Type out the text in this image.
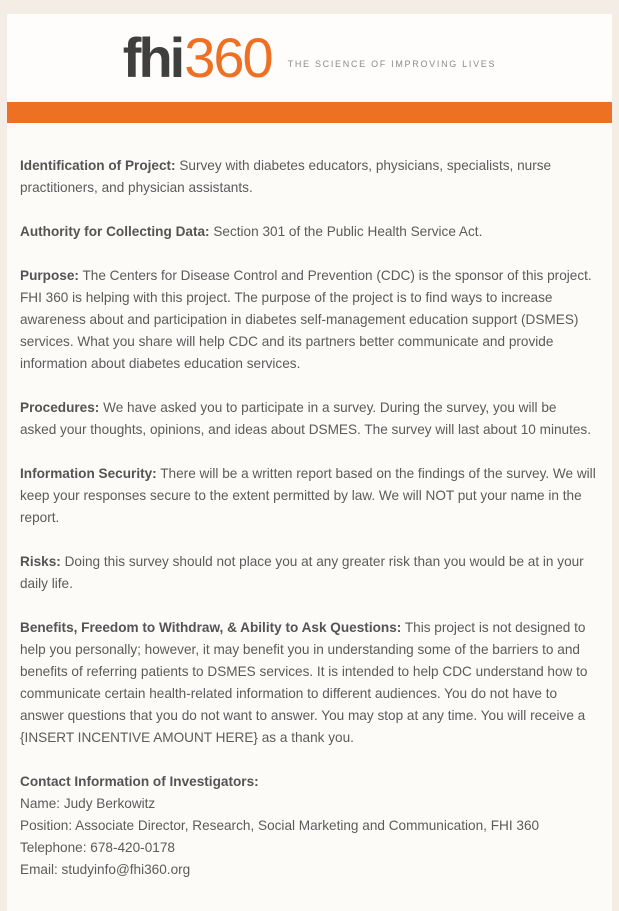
fhi 360 THE SCIENCE OF IMPROVING LIVES

Identification of Project: Survey with diabetes educators, physicians, specialists, nurse practitioners, and physician assistants.

Authority for Collecting Data: Section 301 of the Public Health Service Act.

Purpose: The Centers for Disease Control and Prevention (CDC) is the sponsor of this project. FHI 360 is helping with this project. The purpose of the project is to find ways to increase awareness about and participation in diabetes self-management education support (DSMES) services. What you share will help CDC and its partners better communicate and provide information about diabetes education services.

Procedures: We have asked you to participate in a survey. During the survey, you will be asked your thoughts, opinions, and ideas about DSMES. The survey will last about 10 minutes.

Information Security: There will be a written report based on the findings of the survey. We will keep your responses secure to the extent permitted by law. We will NOT put your name in the report.

Risks: Doing this survey should not place you at any greater risk than you would be at in your daily life.

Benefits, Freedom to Withdraw, & Ability to Ask Questions: This project is not designed to help you personally; however, it may benefit you in understanding some of the barriers to and benefits of referring patients to DSMES services. It is intended to help CDC understand how to communicate certain health-related information to different audiences. You do not have to answer questions that you do not want to answer. You may stop at any time. You will receive a {INSERT INCENTIVE AMOUNT HERE} as a thank you.

Contact Information of Investigators:
Name: Judy Berkowitz
Position: Associate Director, Research, Social Marketing and Communication, FHI 360
Telephone: 678-420-0178
Email: studyinfo@fhi360.org
